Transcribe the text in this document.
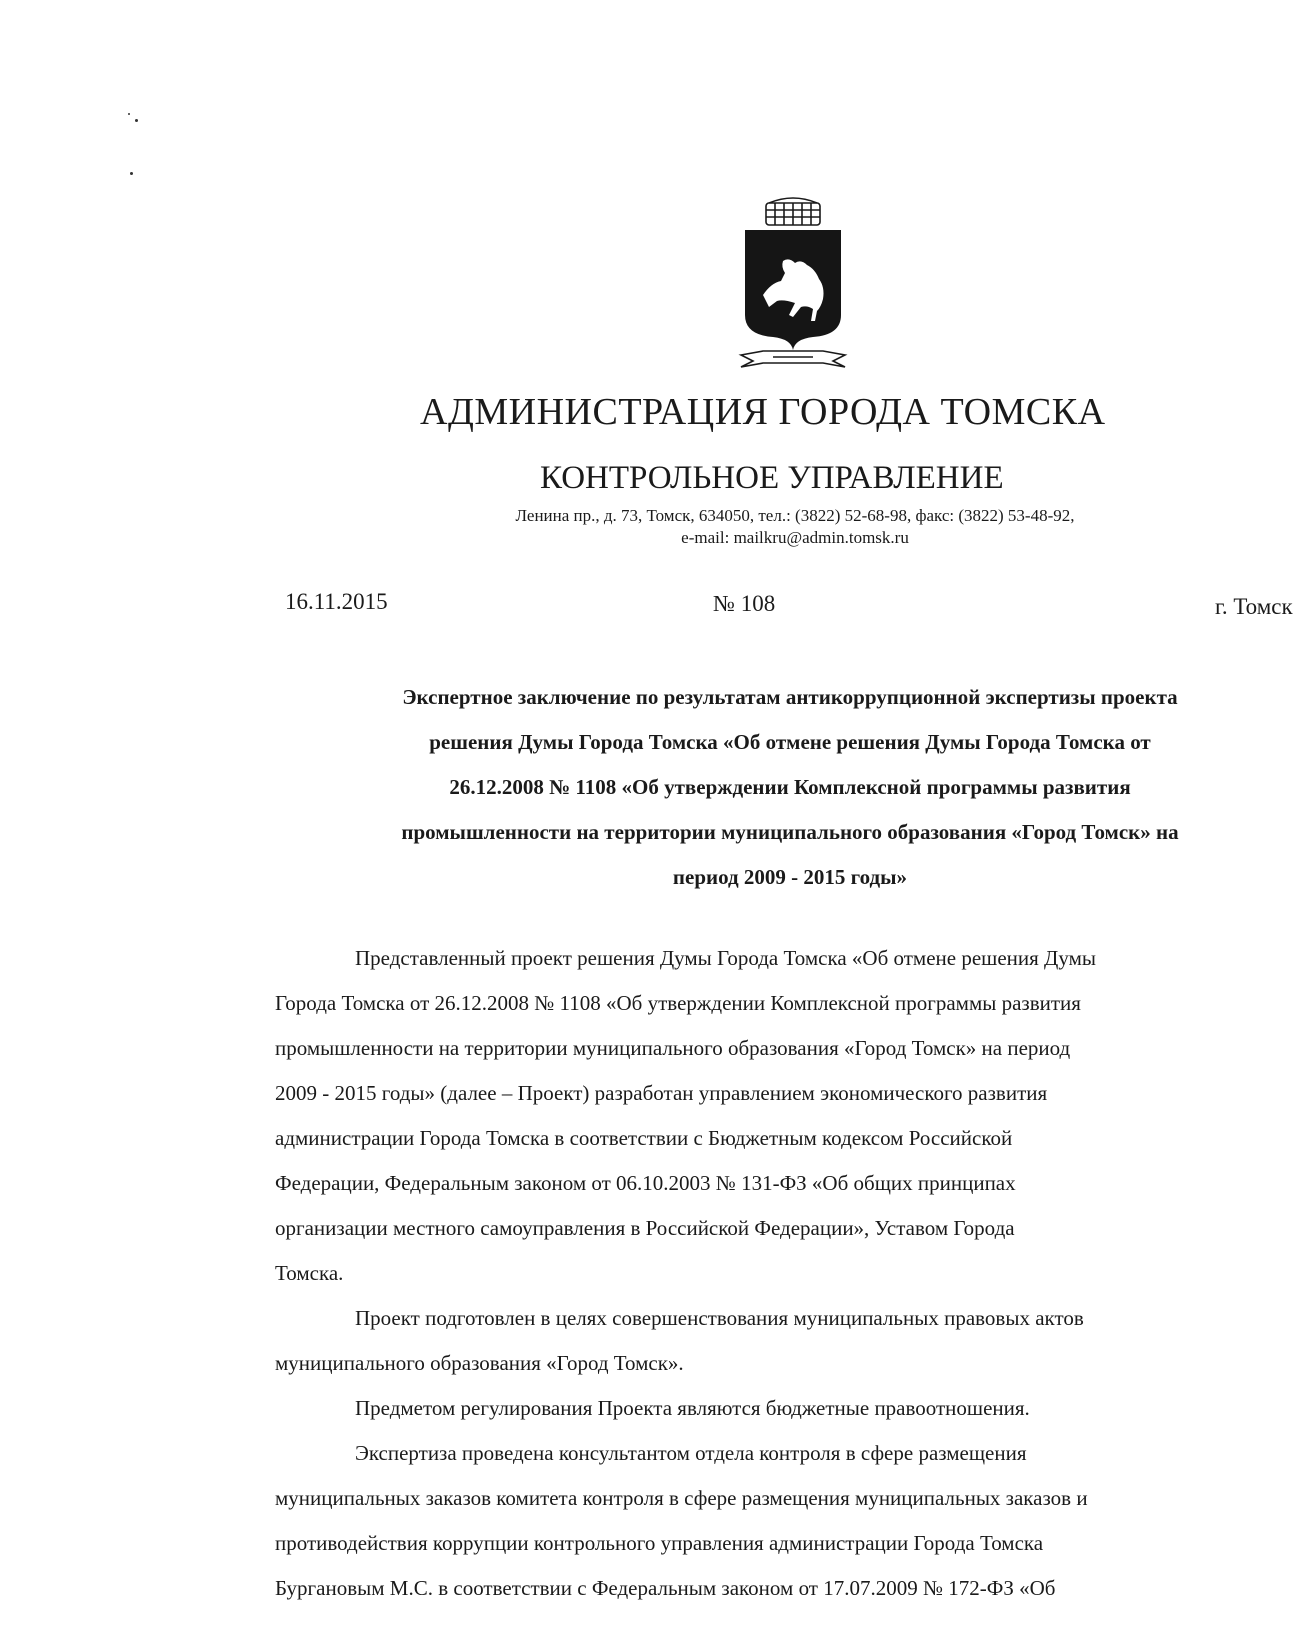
АДМИНИСТРАЦИЯ ГОРОДА ТОМСКА
КОНТРОЛЬНОЕ УПРАВЛЕНИЕ
Ленина пр., д. 73, Томск, 634050, тел.: (3822) 52-68-98, факс: (3822) 53-48-92,
e-mail: mailkru@admin.tomsk.ru
16.11.2015	№ 108	г. Томск
Экспертное заключение по результатам антикоррупционной экспертизы проекта
решения Думы Города Томска «Об отмене решения Думы Города Томска от
26.12.2008 № 1108 «Об утверждении Комплексной программы развития
промышленности на территории муниципального образования «Город Томск» на
период 2009 - 2015 годы»
Представленный проект решения Думы Города Томска «Об отмене решения Думы
Города Томска от 26.12.2008 № 1108 «Об утверждении Комплексной программы развития
промышленности на территории муниципального образования «Город Томск» на период
2009 - 2015 годы» (далее – Проект) разработан управлением экономического развития
администрации Города Томска в соответствии с Бюджетным кодексом Российской
Федерации, Федеральным законом от 06.10.2003 № 131-ФЗ «Об общих принципах
организации местного самоуправления в Российской Федерации», Уставом Города
Томска.
Проект подготовлен в целях совершенствования муниципальных правовых актов
муниципального образования «Город Томск».
Предметом регулирования Проекта являются бюджетные правоотношения.
Экспертиза проведена консультантом отдела контроля в сфере размещения
муниципальных заказов комитета контроля в сфере размещения муниципальных заказов и
противодействия коррупции контрольного управления администрации Города Томска
Бургановым М.С. в соответствии с Федеральным законом от 17.07.2009 № 172-ФЗ «Об
